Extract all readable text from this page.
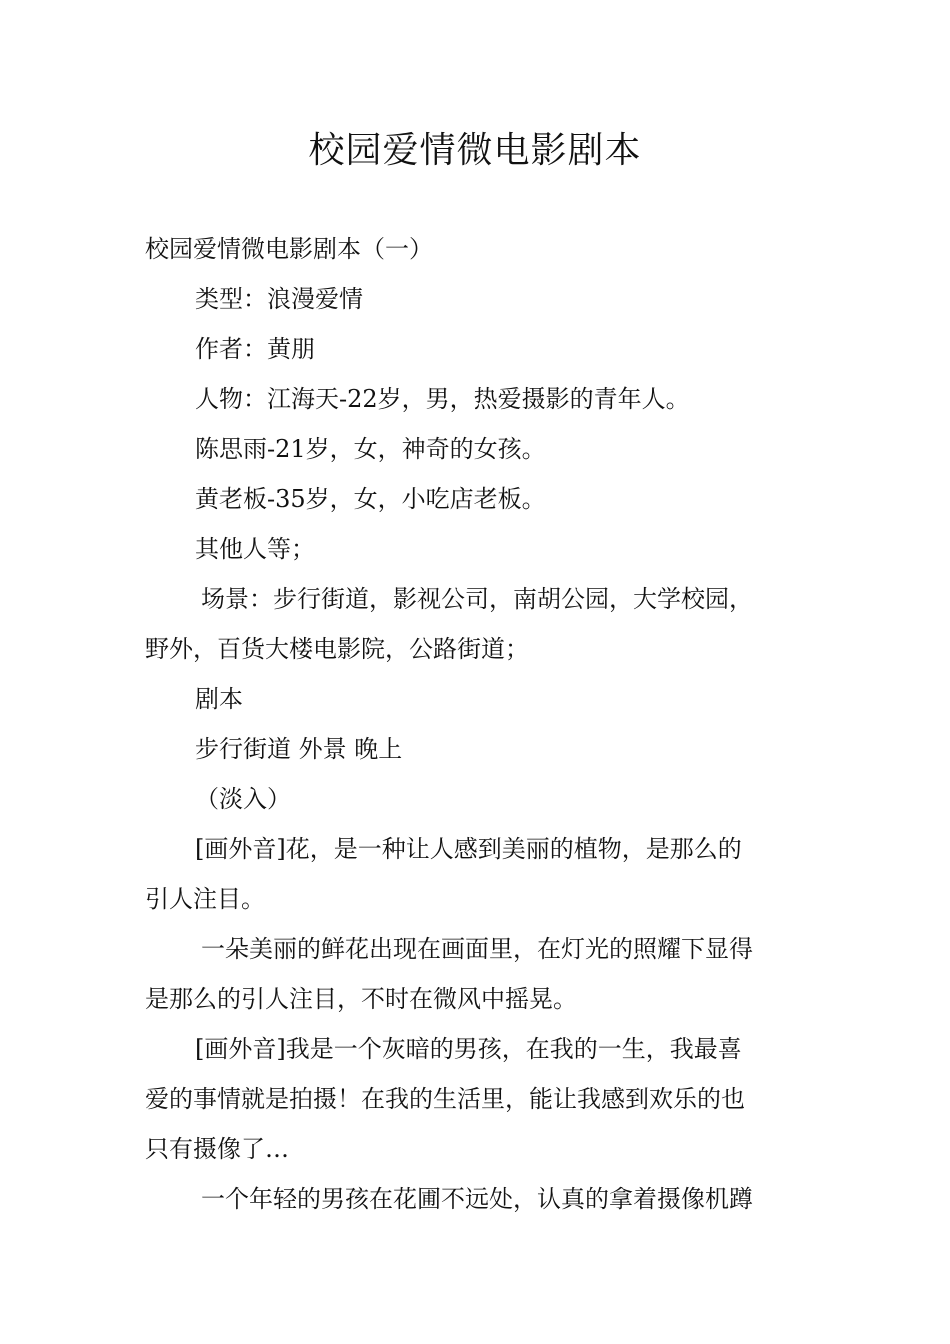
校园爱情微电影剧本

校园爱情微电影剧本（一）

类型：浪漫爱情

作者：黄朋

人物：江海天-22岁，男，热爱摄影的青年人。

陈思雨-21岁，女，神奇的女孩。

黄老板-35岁，女，小吃店老板。

其他人等；

场景：步行街道，影视公司，南胡公园，大学校园，

野外，百货大楼电影院，公路街道；

剧本

步行街道 外景 晚上

（淡入）

[画外音]花，是一种让人感到美丽的植物，是那么的

引人注目。

一朵美丽的鲜花出现在画面里，在灯光的照耀下显得

是那么的引人注目，不时在微风中摇晃。

[画外音]我是一个灰暗的男孩，在我的一生，我最喜

爱的事情就是拍摄！在我的生活里，能让我感到欢乐的也

只有摄像了…

一个年轻的男孩在花圃不远处，认真的拿着摄像机蹲
